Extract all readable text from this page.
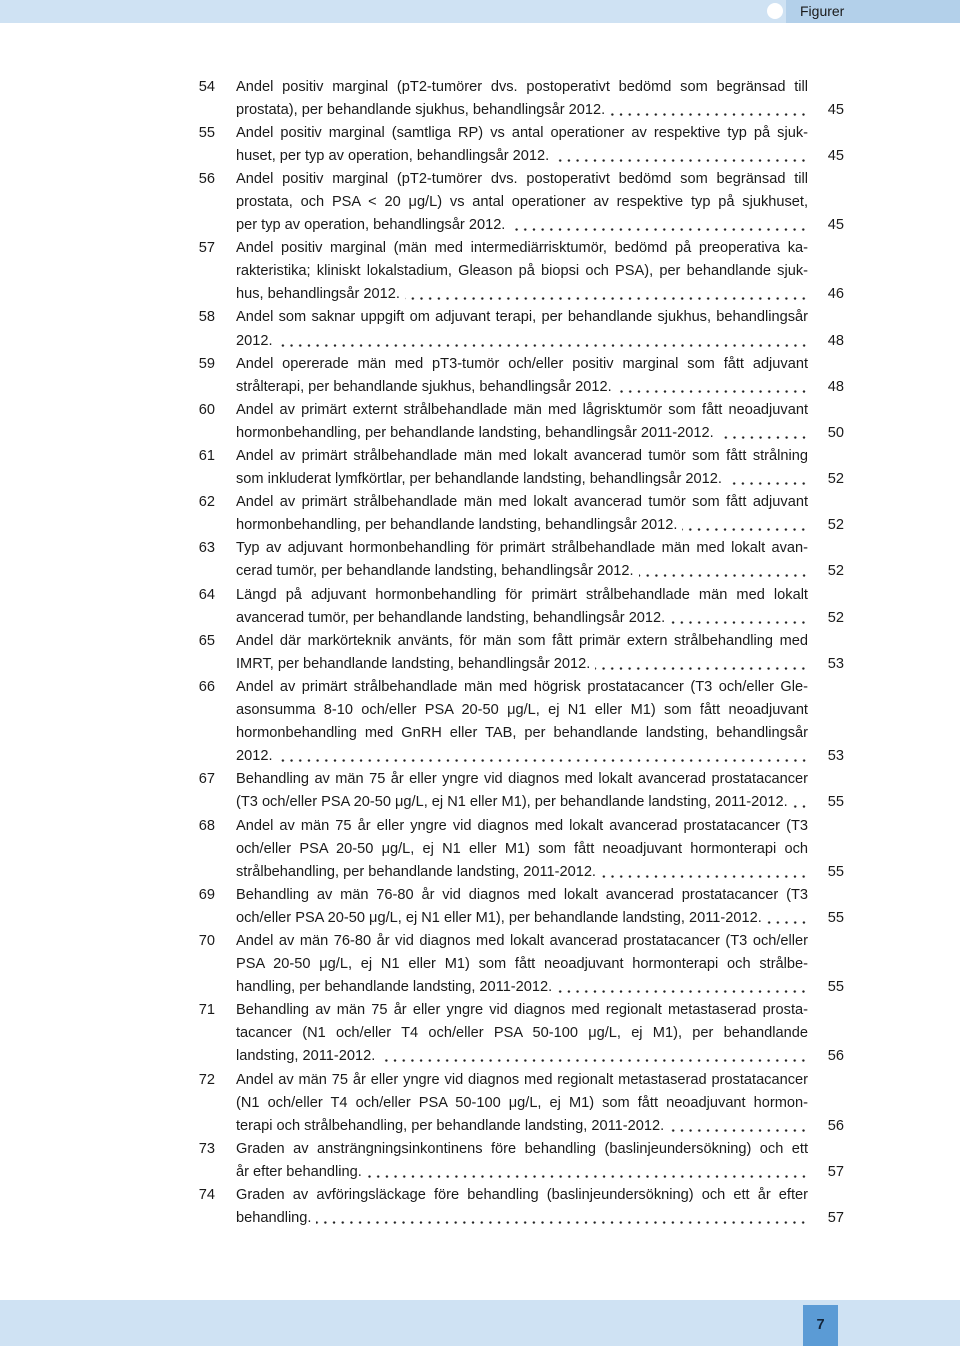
Figurer
54 Andel positiv marginal (pT2-tumörer dvs. postoperativt bedömd som begränsad till
prostata), per behandlande sjukhus, behandlingsår 2012.	45
55 Andel positiv marginal (samtliga RP) vs antal operationer av respektive typ på sjuk-
huset, per typ av operation, behandlingsår 2012.	45
56 Andel positiv marginal (pT2-tumörer dvs. postoperativt bedömd som begränsad till
prostata, och PSA < 20 μg/L) vs antal operationer av respektive typ på sjukhuset,
per typ av operation, behandlingsår 2012.	45
57 Andel positiv marginal (män med intermediärrisktumör, bedömd på preoperativa ka-
rakteristika; kliniskt lokalstadium, Gleason på biopsi och PSA), per behandlande sjuk-
hus, behandlingsår 2012.	46
58 Andel som saknar uppgift om adjuvant terapi, per behandlande sjukhus, behandlingsår
2012.	48
59 Andel opererade män med pT3-tumör och/eller positiv marginal som fått adjuvant
strålterapi, per behandlande sjukhus, behandlingsår 2012.	48
60 Andel av primärt externt strålbehandlade män med lågrisktumör som fått neoadjuvant
hormonbehandling, per behandlande landsting, behandlingsår 2011-2012.	50
61 Andel av primärt strålbehandlade män med lokalt avancerad tumör som fått strålning
som inkluderat lymfkörtlar, per behandlande landsting, behandlingsår 2012.	52
62 Andel av primärt strålbehandlade män med lokalt avancerad tumör som fått adjuvant
hormonbehandling, per behandlande landsting, behandlingsår 2012.	52
63 Typ av adjuvant hormonbehandling för primärt strålbehandlade män med lokalt avan-
cerad tumör, per behandlande landsting, behandlingsår 2012.	52
64 Längd på adjuvant hormonbehandling för primärt strålbehandlade män med lokalt
avancerad tumör, per behandlande landsting, behandlingsår 2012.	52
65 Andel där markörteknik använts, för män som fått primär extern strålbehandling med
IMRT, per behandlande landsting, behandlingsår 2012.	53
66 Andel av primärt strålbehandlade män med högrisk prostatacancer (T3 och/eller Gle-
asonsumma 8-10 och/eller PSA 20-50 μg/L, ej N1 eller M1) som fått neoadjuvant
hormonbehandling med GnRH eller TAB, per behandlande landsting, behandlingsår
2012.	53
67 Behandling av män 75 år eller yngre vid diagnos med lokalt avancerad prostatacancer
(T3 och/eller PSA 20-50 μg/L, ej N1 eller M1), per behandlande landsting, 2011-2012.	55
68 Andel av män 75 år eller yngre vid diagnos med lokalt avancerad prostatacancer (T3
och/eller PSA 20-50 μg/L, ej N1 eller M1) som fått neoadjuvant hormonterapi och
strålbehandling, per behandlande landsting, 2011-2012.	55
69 Behandling av män 76-80 år vid diagnos med lokalt avancerad prostatacancer (T3
och/eller PSA 20-50 μg/L, ej N1 eller M1), per behandlande landsting, 2011-2012.	55
70 Andel av män 76-80 år vid diagnos med lokalt avancerad prostatacancer (T3 och/eller
PSA 20-50 μg/L, ej N1 eller M1) som fått neoadjuvant hormonterapi och strålbe-
handling, per behandlande landsting, 2011-2012.	55
71 Behandling av män 75 år eller yngre vid diagnos med regionalt metastaserad prosta-
tacancer (N1 och/eller T4 och/eller PSA 50-100 μg/L, ej M1), per behandlande
landsting, 2011-2012.	56
72 Andel av män 75 år eller yngre vid diagnos med regionalt metastaserad prostatacancer
(N1 och/eller T4 och/eller PSA 50-100 μg/L, ej M1) som fått neoadjuvant hormon-
terapi och strålbehandling, per behandlande landsting, 2011-2012.	56
73 Graden av ansträngningsinkontinens före behandling (baslinjeundersökning) och ett
år efter behandling.	57
74 Graden av avföringsläckage före behandling (baslinjeundersökning) och ett år efter
behandling.	57
7
